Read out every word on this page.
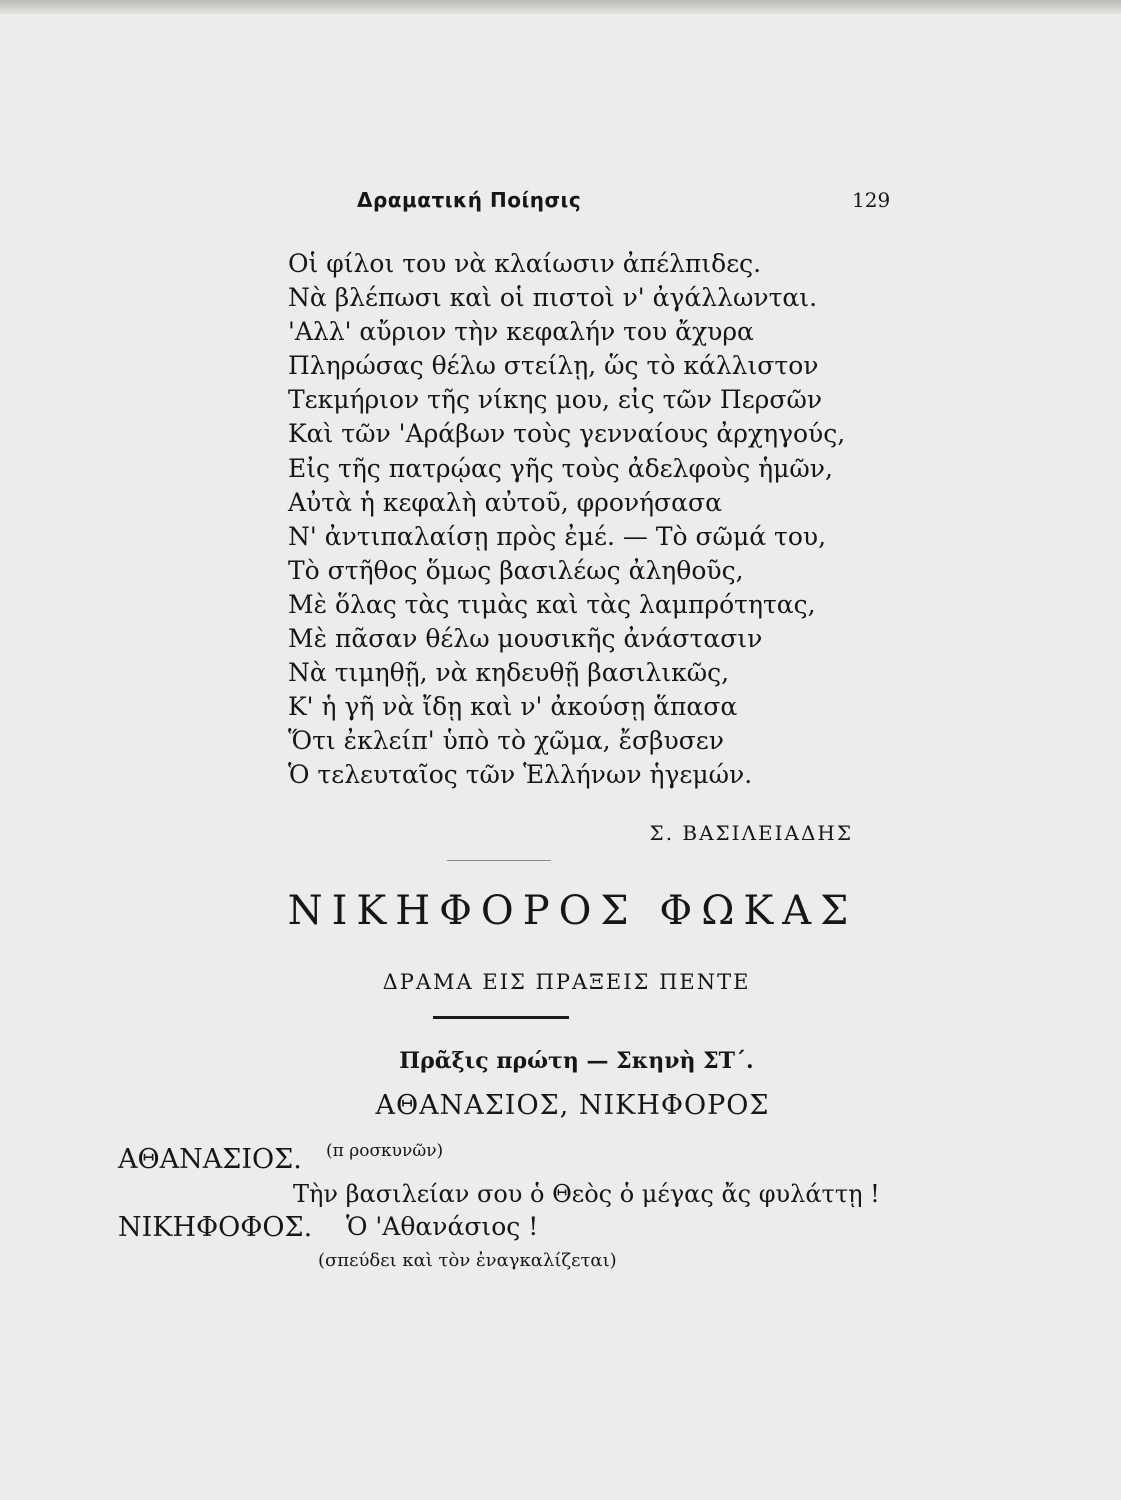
Δραματική Ποίησις	129
Οἱ φίλοι του νὰ κλαίωσιν ἀπέλπιδες.
Νὰ βλέπωσι καὶ οἱ πιστοὶ ν' ἀγάλλωνται.
'Αλλ' αὔριον τὴν κεφαλήν του ἄχυρα
Πληρώσας θέλω στείλῃ, ὥς τὸ κάλλιστον
Τεκμήριον τῆς νίκης μου, εἰς τῶν Περσῶν
Καὶ τῶν 'Αράβων τοὺς γενναίους ἀρχηγούς,
Εἰς τῆς πατρῴας γῆς τοὺς ἀδελφοὺς ἡμῶν,
Αὐτὰ ἡ κεφαλὴ αὐτοῦ, φρονήσασα
Ν' ἀντιπαλαίσῃ πρὸς ἐμέ. — Τὸ σῶμά του,
Τὸ στῆθος ὅμως βασιλέως ἀληθοῦς,
Μὲ ὅλας τὰς τιμὰς καὶ τὰς λαμπρότητας,
Μὲ πᾶσαν θέλω μουσικῆς ἀνάστασιν
Νὰ τιμηθῇ, νὰ κηδευθῇ βασιλικῶς,
Κ' ἡ γῆ νὰ ἴδῃ καὶ ν' ἀκούσῃ ἅπασα
Ὅτι ἐκλείπ' ὑπὸ τὸ χῶμα, ἔσβυσεν
Ὁ τελευταῖος τῶν Ἑλλήνων ἡγεμών.
Σ. ΒΑΣΙΛΕΙΑΔΗΣ
ΝΙΚΗΦΟΡΟΣ ΦΩΚΑΣ
ΔΡΑΜΑ ΕΙΣ ΠΡΑΞΕΙΣ ΠΕΝΤΕ
Πρᾶξις πρώτη — Σκηνὴ ΣΤ΄.
ΑΘΑΝΑΣΙΟΣ, ΝΙΚΗΦΟΡΟΣ
ΑΘΑΝΑΣΙΟΣ. (π ροσκυνῶν)
Τὴν βασιλείαν σου ὁ Θεὸς ὁ μέγας ἄς φυλάττῃ !
ΝΙΚΗΦΟΦΟΣ. Ὁ 'Αθανάσιος !
(σπεύδει καὶ τὸν ἐναγκαλίζεται)
